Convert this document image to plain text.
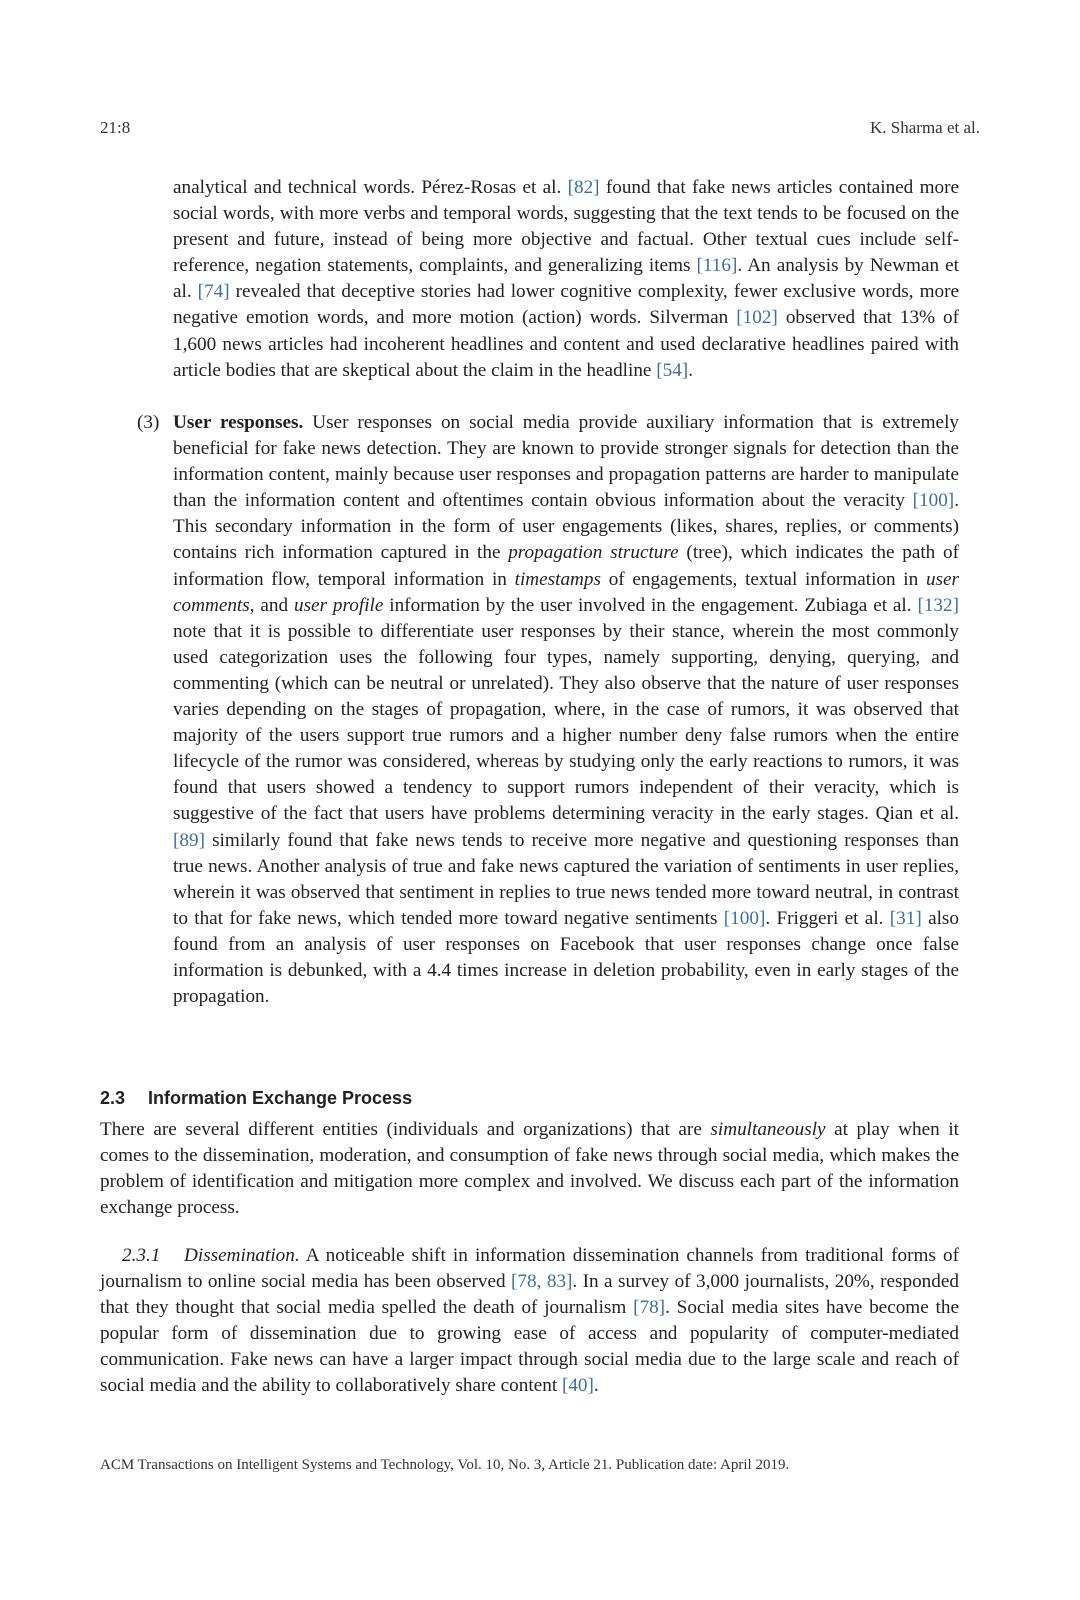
21:8	K. Sharma et al.
analytical and technical words. Pérez-Rosas et al. [82] found that fake news articles contained more social words, with more verbs and temporal words, suggesting that the text tends to be focused on the present and future, instead of being more objective and factual. Other textual cues include self-reference, negation statements, complaints, and generalizing items [116]. An analysis by Newman et al. [74] revealed that deceptive stories had lower cognitive complexity, fewer exclusive words, more negative emotion words, and more motion (action) words. Silverman [102] observed that 13% of 1,600 news articles had incoherent headlines and content and used declarative headlines paired with article bodies that are skeptical about the claim in the headline [54].
(3) User responses. User responses on social media provide auxiliary information that is extremely beneficial for fake news detection. They are known to provide stronger signals for detection than the information content, mainly because user responses and propagation patterns are harder to manipulate than the information content and oftentimes contain obvious information about the veracity [100]. This secondary information in the form of user engagements (likes, shares, replies, or comments) contains rich information captured in the propagation structure (tree), which indicates the path of information flow, temporal information in timestamps of engagements, textual information in user comments, and user profile information by the user involved in the engagement. Zubiaga et al. [132] note that it is possible to differentiate user responses by their stance, wherein the most commonly used categorization uses the following four types, namely supporting, denying, querying, and commenting (which can be neutral or unrelated). They also observe that the nature of user responses varies depending on the stages of propagation, where, in the case of rumors, it was observed that majority of the users support true rumors and a higher number deny false rumors when the entire lifecycle of the rumor was considered, whereas by studying only the early reactions to rumors, it was found that users showed a tendency to support rumors independent of their veracity, which is suggestive of the fact that users have problems determining veracity in the early stages. Qian et al. [89] similarly found that fake news tends to receive more negative and questioning responses than true news. Another analysis of true and fake news captured the variation of sentiments in user replies, wherein it was observed that sentiment in replies to true news tended more toward neutral, in contrast to that for fake news, which tended more toward negative sentiments [100]. Friggeri et al. [31] also found from an analysis of user responses on Facebook that user responses change once false information is debunked, with a 4.4 times increase in deletion probability, even in early stages of the propagation.
2.3 Information Exchange Process
There are several different entities (individuals and organizations) that are simultaneously at play when it comes to the dissemination, moderation, and consumption of fake news through social media, which makes the problem of identification and mitigation more complex and involved. We discuss each part of the information exchange process.
2.3.1 Dissemination. A noticeable shift in information dissemination channels from traditional forms of journalism to online social media has been observed [78, 83]. In a survey of 3,000 journalists, 20%, responded that they thought that social media spelled the death of journalism [78]. Social media sites have become the popular form of dissemination due to growing ease of access and popularity of computer-mediated communication. Fake news can have a larger impact through social media due to the large scale and reach of social media and the ability to collaboratively share content [40].
ACM Transactions on Intelligent Systems and Technology, Vol. 10, No. 3, Article 21. Publication date: April 2019.
